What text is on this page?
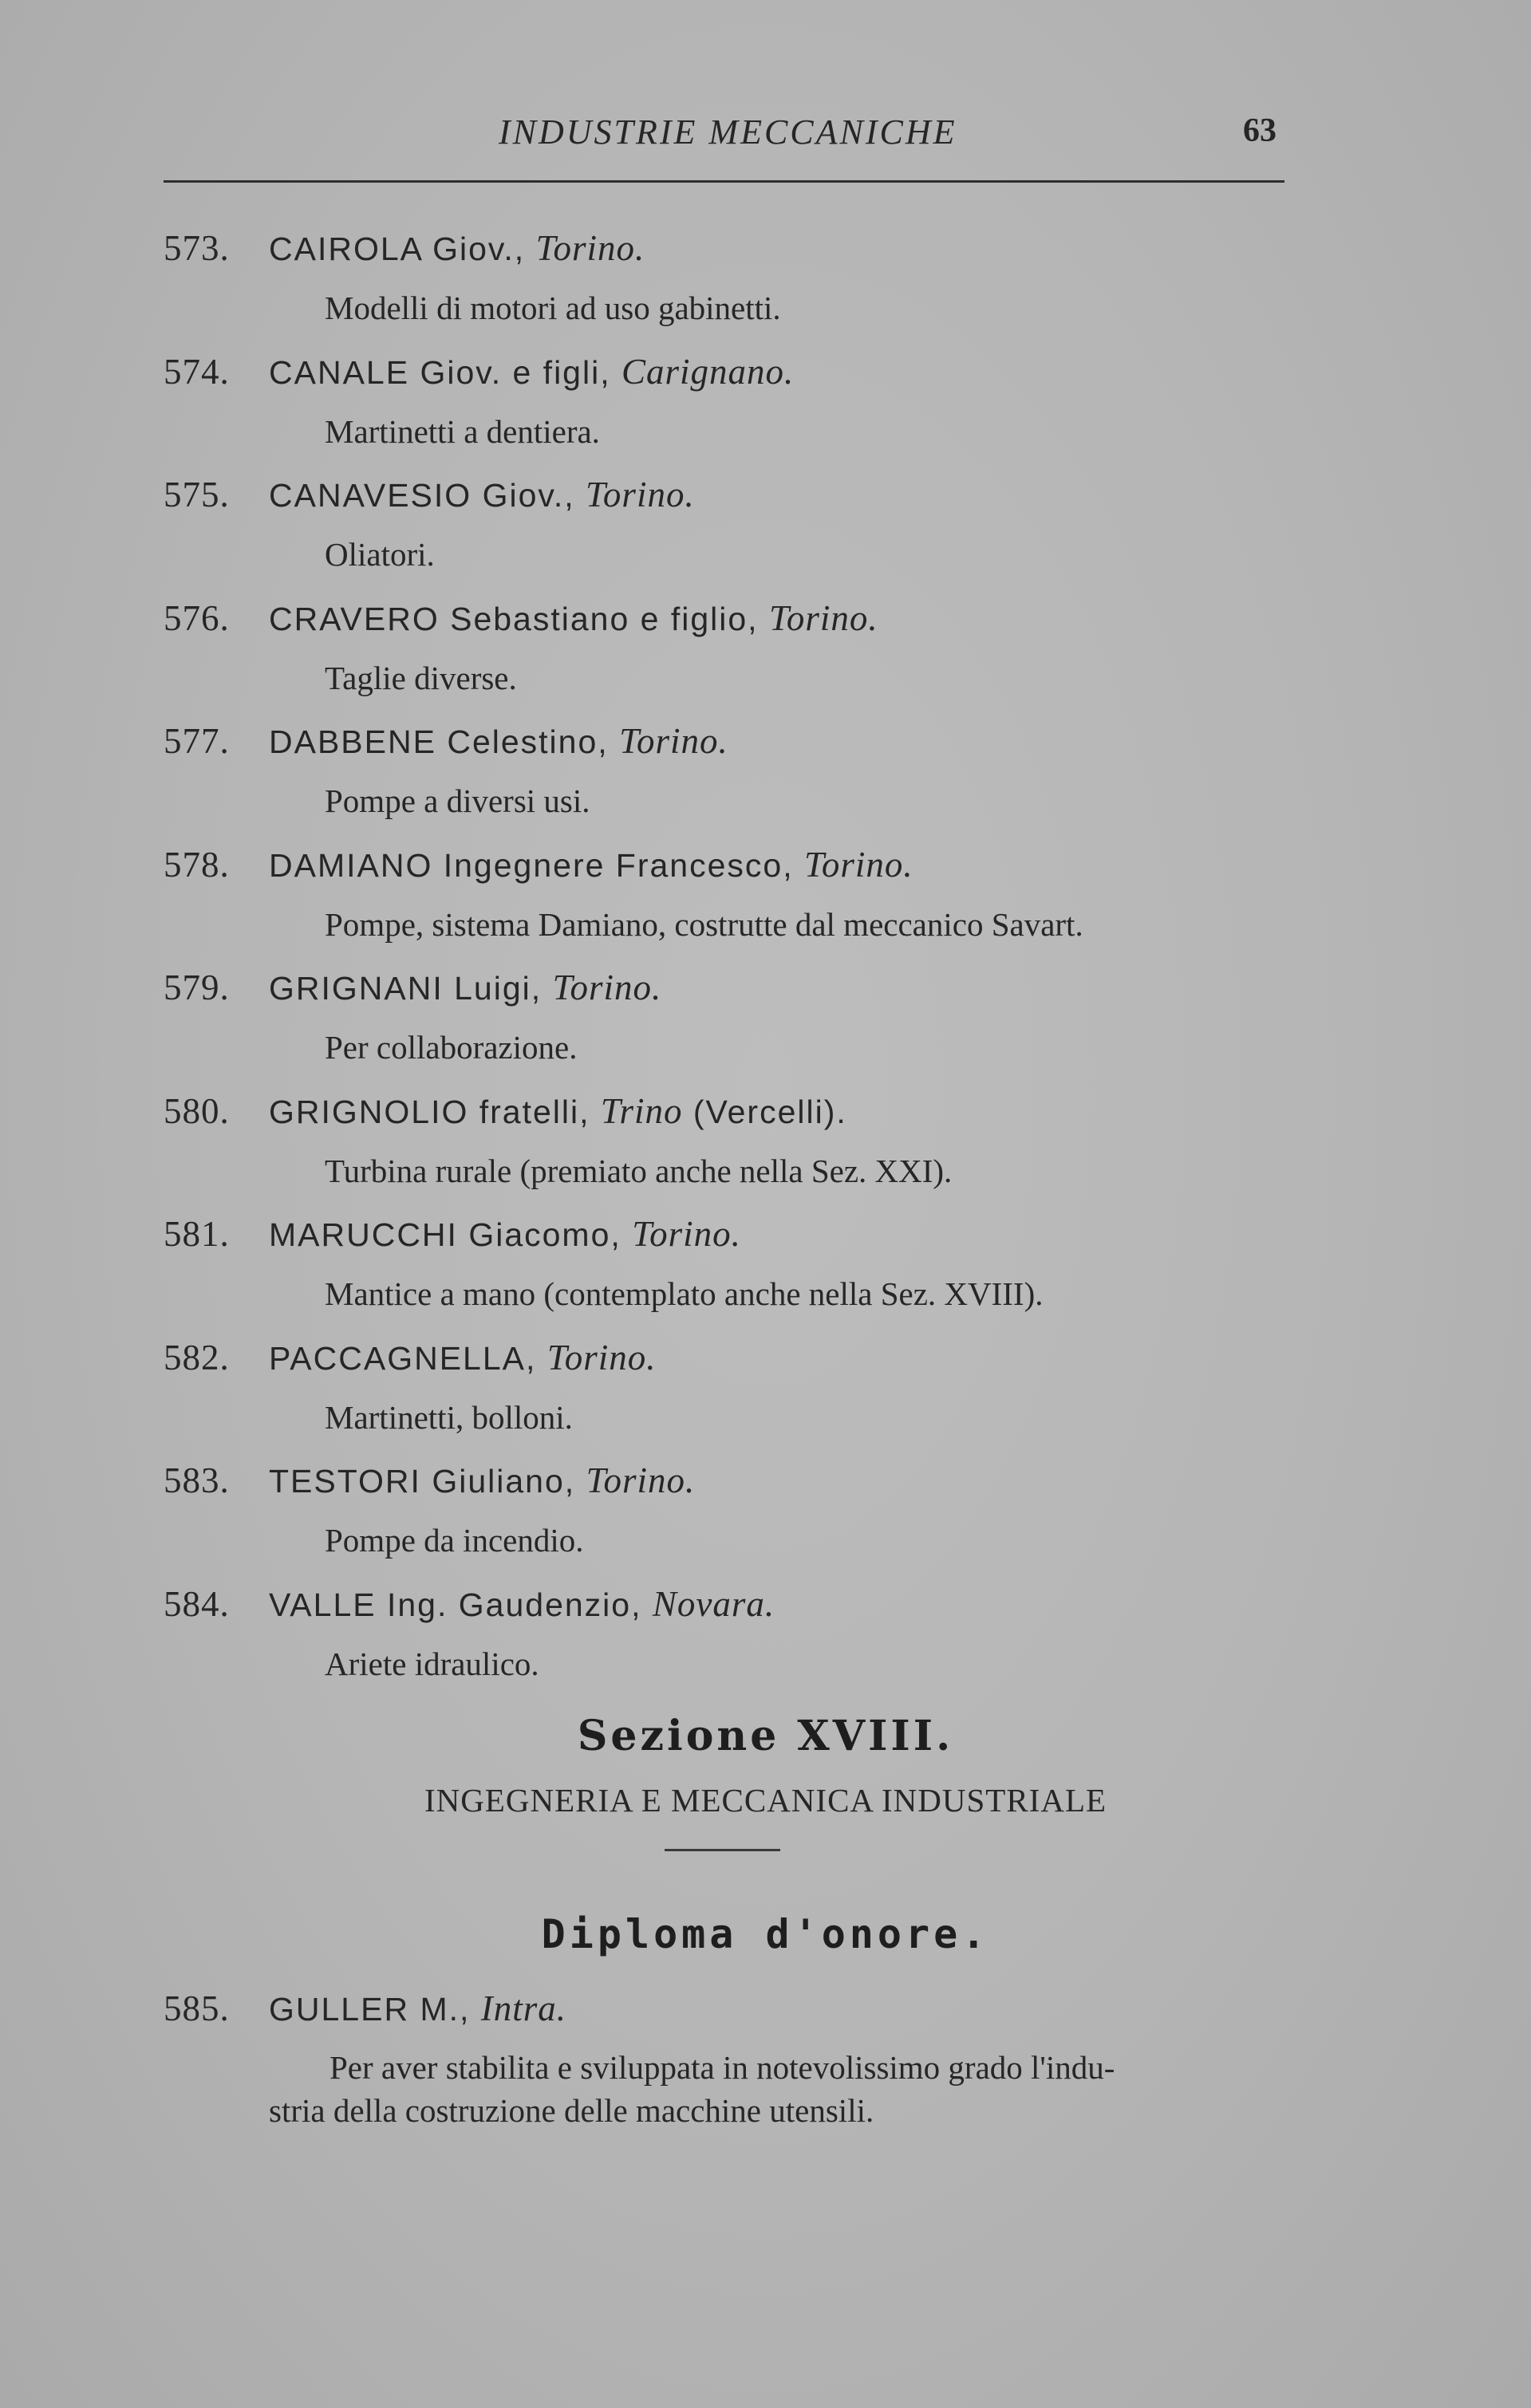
INDUSTRIE MECCANICHE	63
573. CAIROLA Giov., Torino.
Modelli di motori ad uso gabinetti.
574. CANALE Giov. e figli, Carignano.
Martinetti a dentiera.
575. CANAVESIO Giov., Torino.
Oliatori.
576. CRAVERO Sebastiano e figlio, Torino.
Taglie diverse.
577. DABBENE Celestino, Torino.
Pompe a diversi usi.
578. DAMIANO Ingegnere Francesco, Torino.
Pompe, sistema Damiano, costrutte dal meccanico Savart.
579. GRIGNANI Luigi, Torino.
Per collaborazione.
580. GRIGNOLIO fratelli, Trino (Vercelli).
Turbina rurale (premiato anche nella Sez. XXI).
581. MARUCCHI Giacomo, Torino.
Mantice a mano (contemplato anche nella Sez. XVIII).
582. PACCAGNELLA, Torino.
Martinetti, bolloni.
583. TESTORI Giuliano, Torino.
Pompe da incendio.
584. VALLE Ing. Gaudenzio, Novara.
Ariete idraulico.
Sezione XVIII.
INGEGNERIA E MECCANICA INDUSTRIALE
Diploma d'onore.
585. GULLER M., Intra.
Per aver stabilita e sviluppata in notevolissimo grado l'indu-
stria della costruzione delle macchine utensili.
